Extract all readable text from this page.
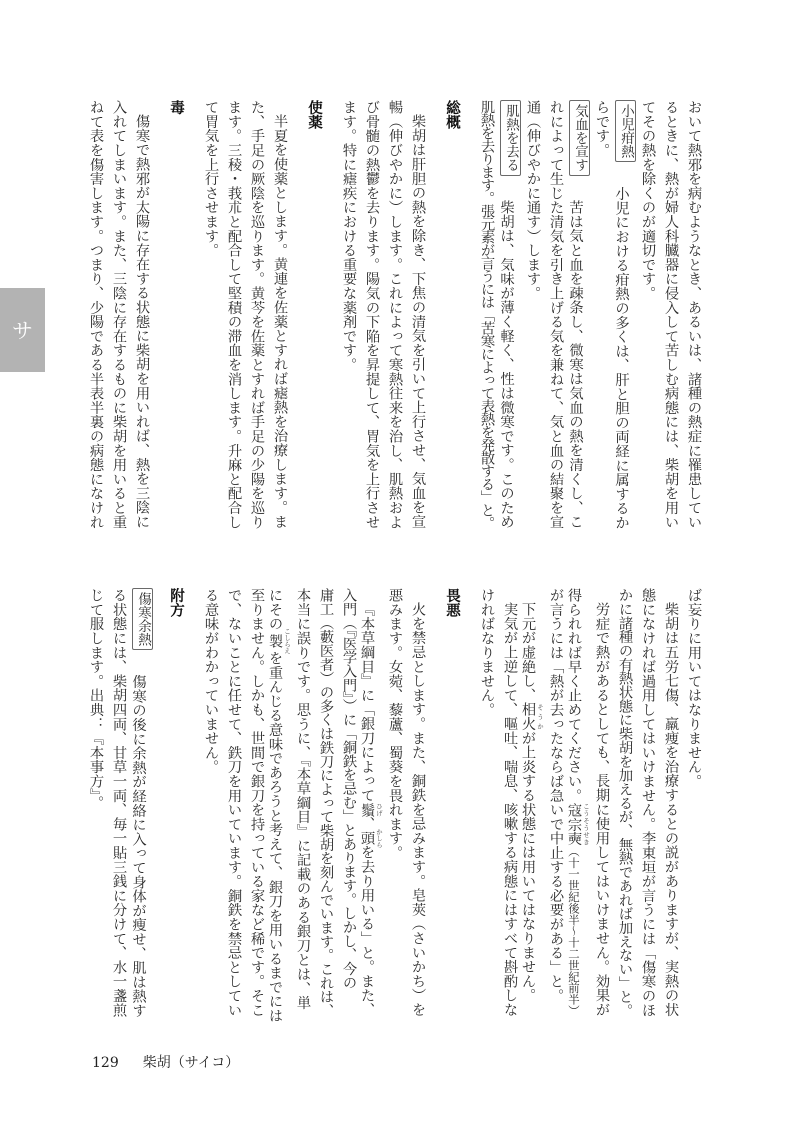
サ	おいて熱邪を病むようなとき、あるいは、諸種の熱症に罹患してい
るときに、熱が婦人科臓器に侵入して苦しむ病態には、柴胡を用い
てその熱を除くのが適切です。
小児疳熱小児における疳熱の多くは、肝と胆の両経に属するか
らです。
気血を宣す苦は気と血を疎条し、微寒は気血の熱を清くし、こ
れによって生じた清気を引き上げる気を兼ねて、気と血の結聚を宣
通（伸びやかに通す）します。
肌熱を去る柴胡は、気味が薄く軽く、性は微寒です。このため
肌熱を去ります。張元素が言うには「苦寒によって表熱を発散する」と。
総概
柴胡は肝胆の熱を除き、下焦の清気を引いて上行させ、気血を宣
暢（伸びやかに）します。これによって寒熱往来を治し、肌熱およ
び骨髄の熱鬱を去ります。陽気の下陥を昇提して、胃気を上行させ
ます。特に瘧疾における重要な薬剤です。
使薬
半夏を使薬とします。黄連を佐薬とすれば瘧熱を治療します。ま
た、手足の厥陰を巡ります。黄芩を佐薬とすれば手足の少陽を巡り
ます。三稜・莪朮と配合して堅積の滞血を消します。升麻と配合し
て胃気を上行させます。
毒
傷寒で熱邪が太陽に存在する状態に柴胡を用いれば、熱を三陰に
入れてしまいます。また、三陰に存在するものに柴胡を用いると重
ねて表を傷害します。つまり、少陽である半表半裏の病態になけれ
ば妄りに用いてはなりません。
柴胡は五労七傷、羸痩を治療するとの説がありますが、実熱の状
態になければ過用してはいけません。李東垣が言うには「傷寒のほ
かに諸種の有熱状態に柴胡を加えるが、無熱であれば加えない」と。
労症で熱があるとしても、長期に使用してはいけません。効果が
得られれば早く止めてください。寇宗奭 こうそうせき（十一世紀後半～十二世紀前半）
が言うには「熱が去ったならば急いで中止する必要がある」と。
下元が虚絶し、相火 そうかが上炎する状態には用いてはなりません。
実気が上逆して、嘔吐、喘息、咳嗽する病態にはすべて斟酌しな
ければなりません。
畏悪
火を禁忌とします。また、銅鉄を忌みます。皂莢（さいかち）を
悪みます。女菀、藜蘆、蜀葵を畏れます。
『本草綱目』に「銀刀によって鬚 ひげ、頭 かしらを去り用いる」と。また、
入門（『医学入門』）に「銅鉄を忌む」とあります。しかし、今の
庸工（藪医者）の多くは鉄刀によって柴胡を刻んでいます。これは、
本当に誤りです。思うに、『本草綱目』に記載のある銀刀とは、単
にその製 こしらえを重んじる意味であろうと考えて、銀刀を用いるまでには
至りません。しかも、世間で銀刀を持っている家など稀です。そこ
で、ないことに任せて、鉄刀を用いています。銅鉄を禁忌としてい
る意味がわかっていません。
附方
傷寒余熱傷寒の後に余熱が経絡に入って身体が痩せ、肌は熱す
る状態には、柴胡四両、甘草一両、毎一貼三銭に分けて、水一盞煎
じて服します。出典：『本事方』。
129 柴胡（サイコ）
